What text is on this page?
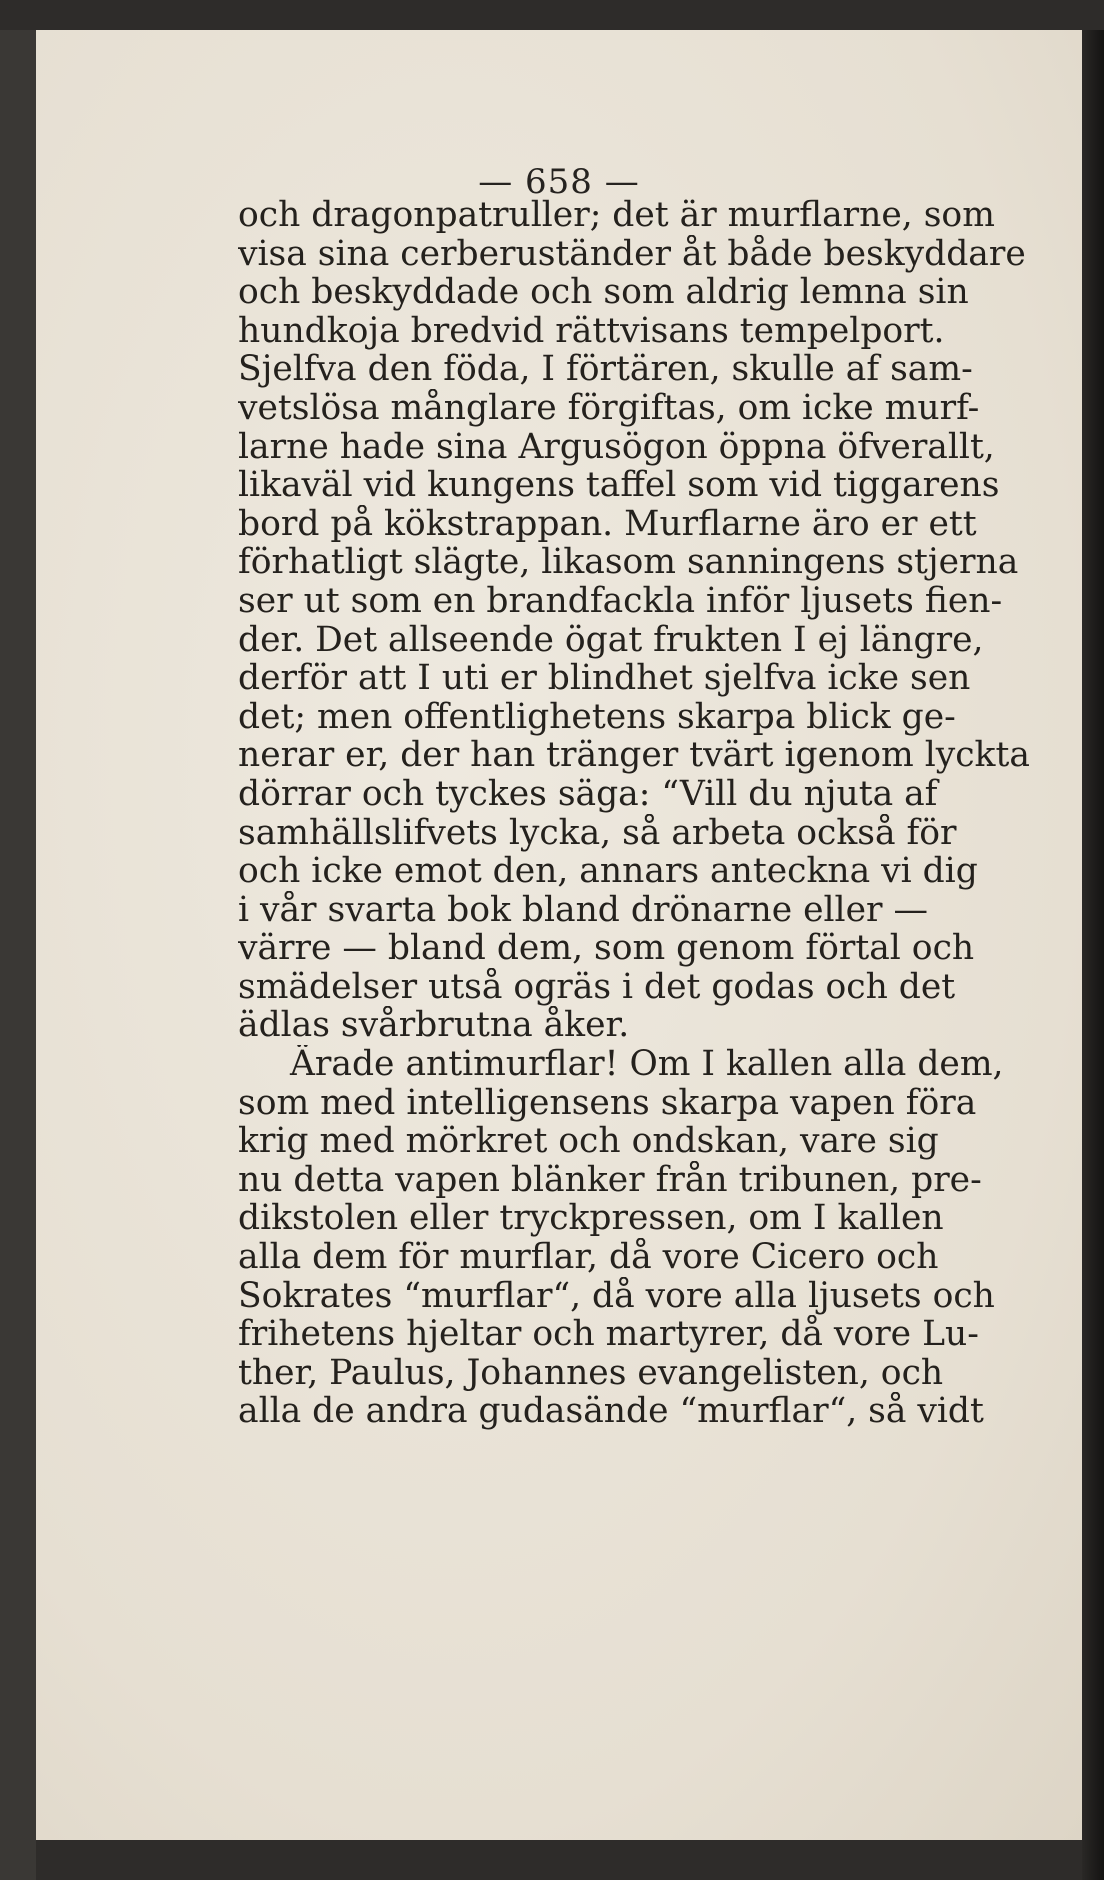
— 658 —
och dragonpatruller; det är murflarne, som
visa sina cerberuständer åt både beskyddare
och beskyddade och som aldrig lemna sin
hundkoja bredvid rättvisans tempelport.
Sjelfva den föda, I förtären, skulle af sam-
vetslösa månglare förgiftas, om icke murf-
larne hade sina Argusögon öppna öfverallt,
likaväl vid kungens taffel som vid tiggarens
bord på kökstrappan. Murflarne äro er ett
förhatligt slägte, likasom sanningens stjerna
ser ut som en brandfackla inför ljusets fien-
der. Det allseende ögat frukten I ej längre,
derför att I uti er blindhet sjelfva icke sen
det; men offentlighetens skarpa blick ge-
nerar er, der han tränger tvärt igenom lyckta
dörrar och tyckes säga: “Vill du njuta af
samhällslifvets lycka, så arbeta också för
och icke emot den, annars anteckna vi dig
i vår svarta bok bland drönarne eller —
värre — bland dem, som genom förtal och
smädelser utså ogräs i det godas och det
ädlas svårbrutna åker.
Ärade antimurflar! Om I kallen alla dem,
som med intelligensens skarpa vapen föra
krig med mörkret och ondskan, vare sig
nu detta vapen blänker från tribunen, pre-
dikstolen eller tryckpressen, om I kallen
alla dem för murflar, då vore Cicero och
Sokrates “murflar“, då vore alla ljusets och
frihetens hjeltar och martyrer, då vore Lu-
ther, Paulus, Johannes evangelisten, och
alla de andra gudasände “murflar“, så vidt
